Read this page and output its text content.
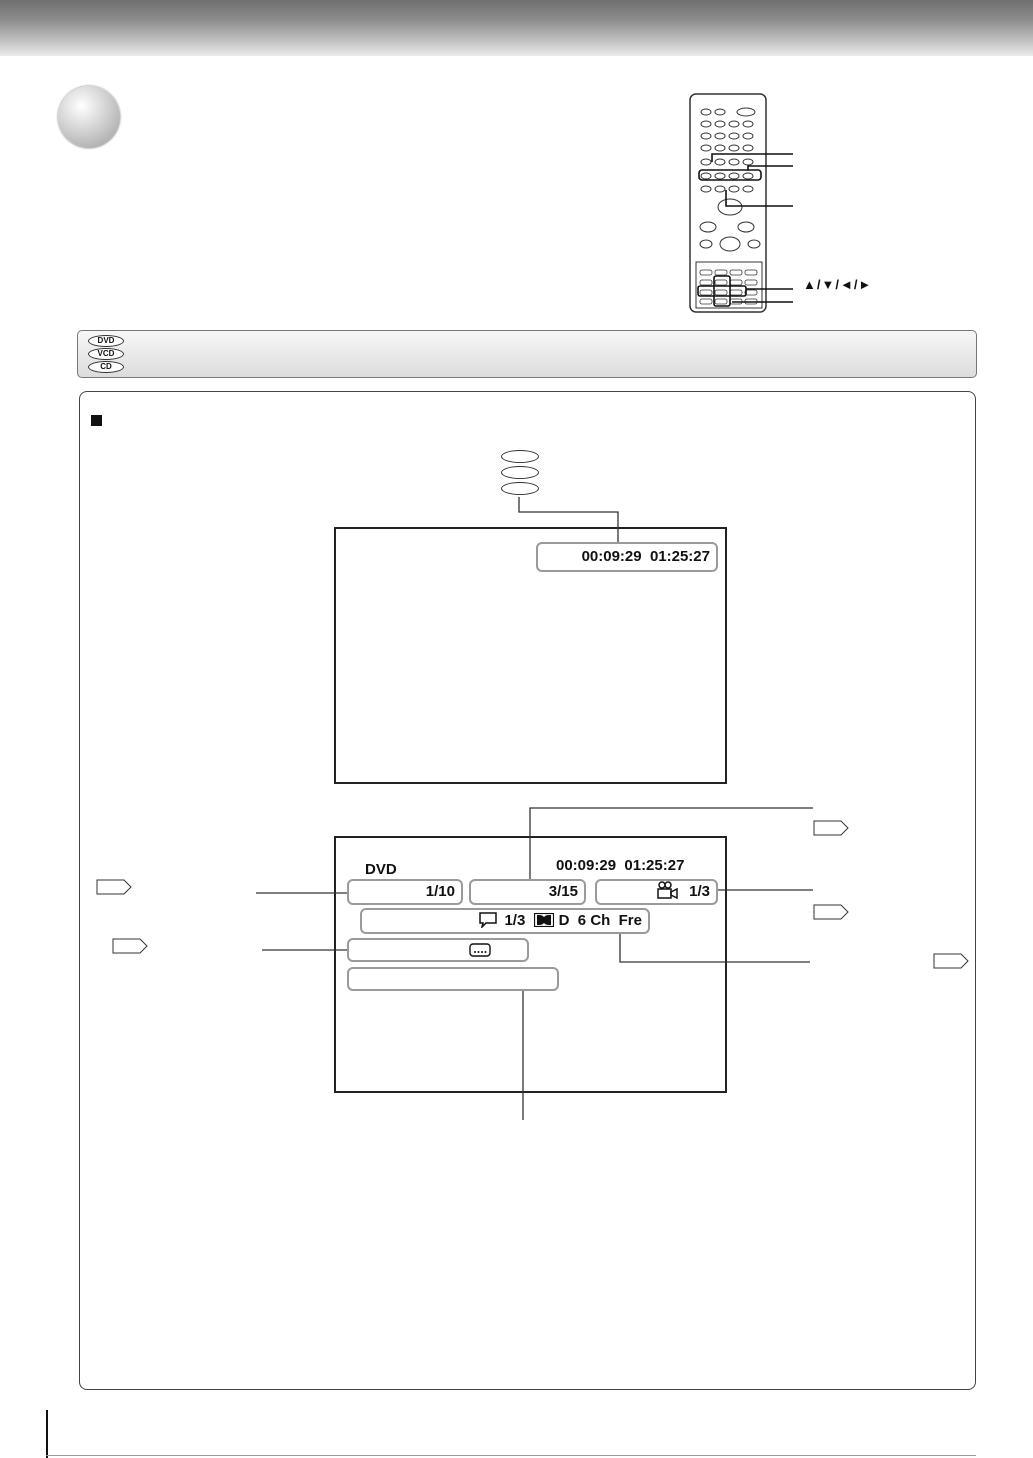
▲/▼/◄/►
DVD
VCD
CD
00:09:29  01:25:27
DVD	00:09:29  01:25:27
1/10	3/15	1/3
1/3 D  6 Ch  Fre
